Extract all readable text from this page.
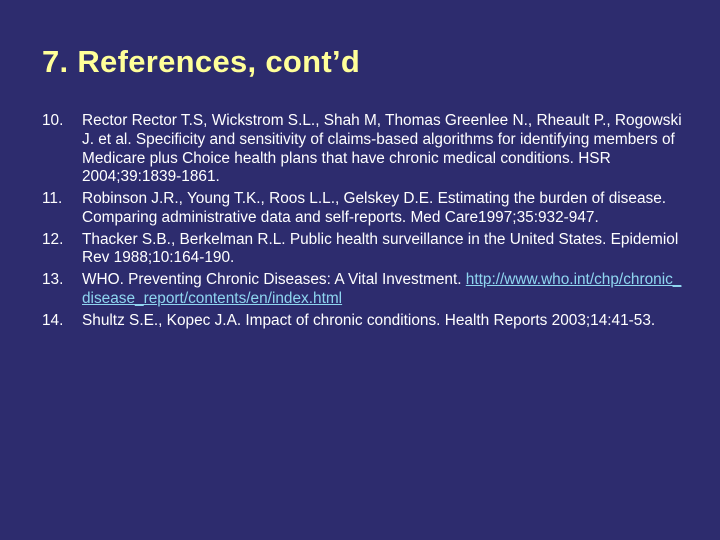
7. References, cont’d
10.	Rector Rector T.S, Wickstrom S.L., Shah M, Thomas Greenlee N., Rheault P., Rogowski J. et al. Specificity and sensitivity of claims-based algorithms for identifying members of Medicare plus Choice health plans that have chronic medical conditions. HSR 2004;39:1839-1861.
11.	Robinson J.R., Young T.K., Roos L.L., Gelskey D.E. Estimating the burden of disease. Comparing administrative data and self-reports. Med Care1997;35:932-947.
12.	Thacker S.B., Berkelman R.L. Public health surveillance in the United States. Epidemiol Rev 1988;10:164-190.
13.	WHO. Preventing Chronic Diseases: A Vital Investment. http://www.who.int/chp/chronic_disease_report/contents/en/index.html
14.	Shultz S.E., Kopec J.A. Impact of chronic conditions. Health Reports 2003;14:41-53.
